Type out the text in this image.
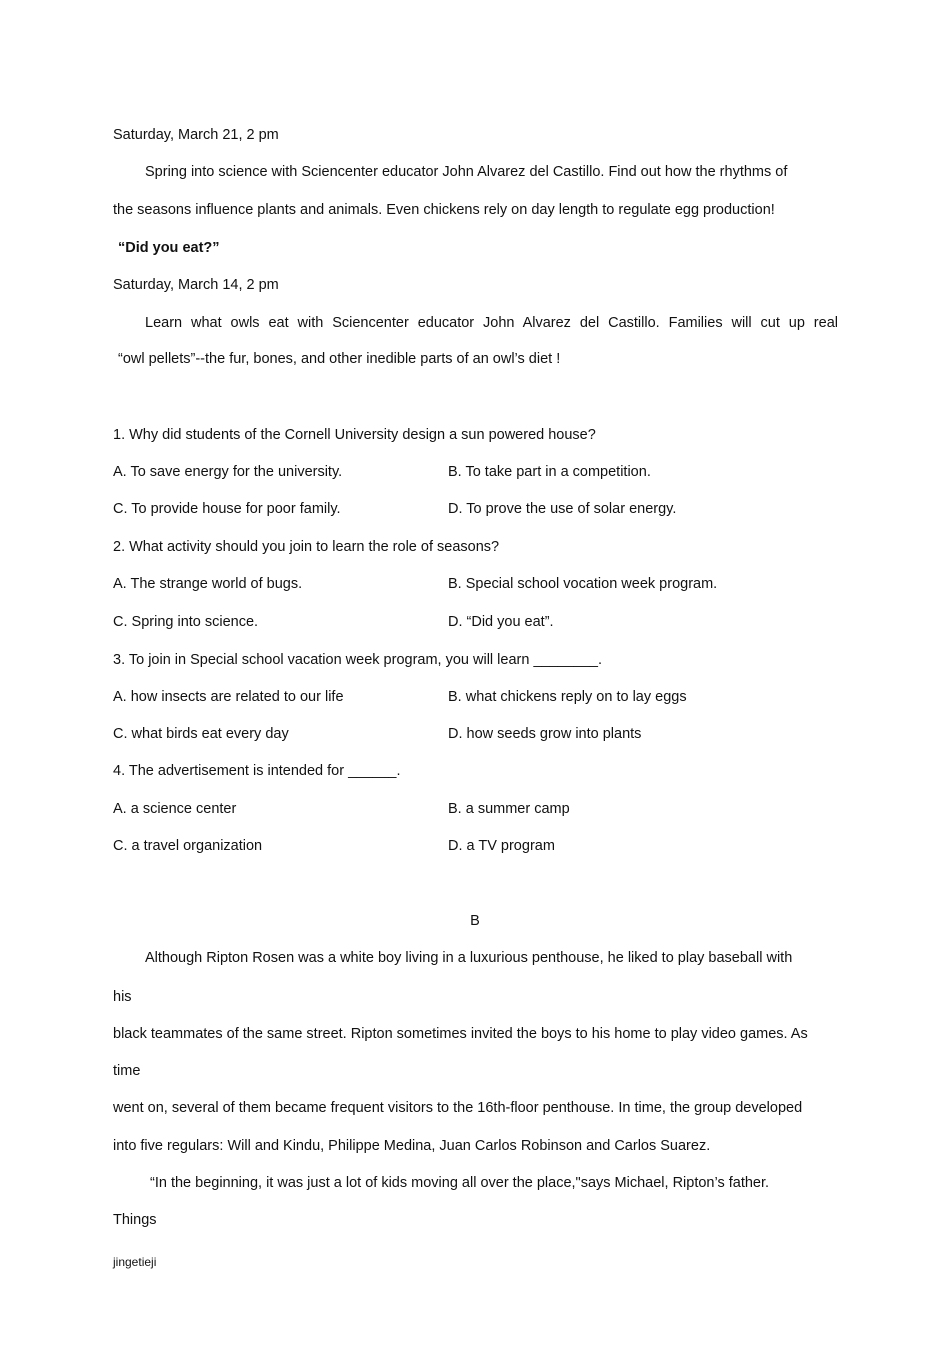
Saturday, March 21, 2 pm
Spring into science with Sciencenter educator John Alvarez del Castillo. Find out how the rhythms of
the seasons influence plants and animals. Even chickens rely on day length to regulate egg production!
“Did you eat?”
Saturday, March 14, 2 pm
Learn what owls eat with Sciencenter educator John Alvarez del Castillo. Families will cut up real
“owl pellets”--the fur, bones, and other inedible parts of an owl’s diet !
1. Why did students of the Cornell University design a sun powered house?
A. To save energy for the university.	B. To take part in a competition.
C. To provide house for poor family.	D. To prove the use of solar energy.
2. What activity should you join to learn the role of seasons?
A. The strange world of bugs.	B. Special school vocation week program.
C. Spring into science.	D. “Did you eat”.
3. To join in Special school vacation week program, you will learn ________.
A. how insects are related to our life	B. what chickens reply on to lay eggs
C. what birds eat every day	D. how seeds grow into plants
4. The advertisement is intended for ______.
A. a science center	B. a summer camp
C. a travel organization	D. a TV program
B
Although Ripton Rosen was a white boy living in a luxurious penthouse, he liked to play baseball with
his
black teammates of the same street. Ripton sometimes invited the boys to his home to play video games. As
time
went on, several of them became frequent visitors to the 16th-floor penthouse. In time, the group developed
into five regulars: Will and Kindu, Philippe Medina, Juan Carlos Robinson and Carlos Suarez.
“In the beginning, it was just a lot of kids moving all over the place,"says Michael, Ripton’s father.
Things
jingetieji
